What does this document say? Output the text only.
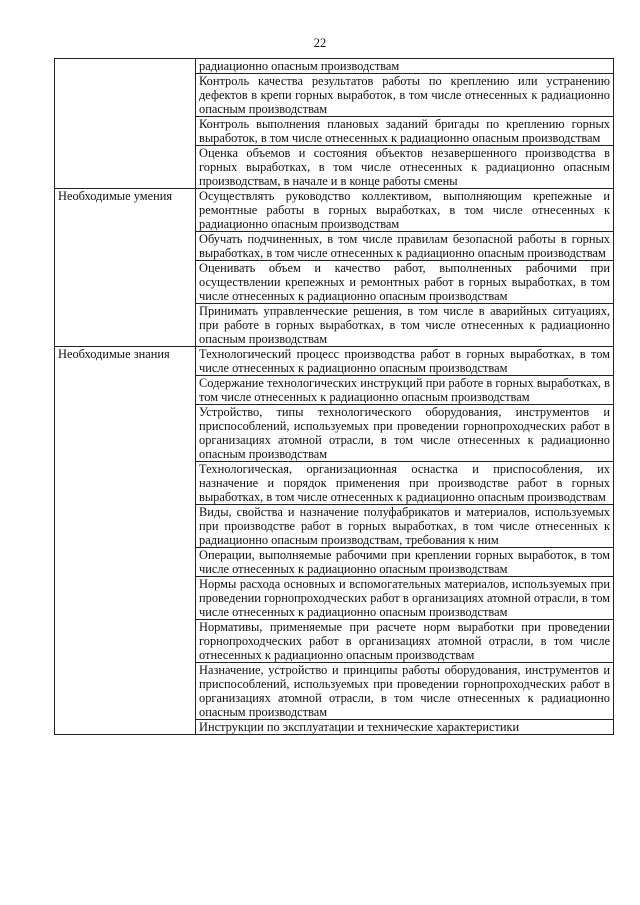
22
	радиационно опасным производствам
	Контроль качества результатов работы по креплению или устранению дефектов в крепи горных выработок, в том числе отнесенных к радиационно опасным производствам
	Контроль выполнения плановых заданий бригады по креплению горных выработок, в том числе отнесенных к радиационно опасным производствам
	Оценка объемов и состояния объектов незавершенного производства в горных выработках, в том числе отнесенных к радиационно опасным производствам, в начале и в конце работы смены
Необходимые умения	Осуществлять руководство коллективом, выполняющим крепежные и ремонтные работы в горных выработках, в том числе отнесенных к радиационно опасным производствам
	Обучать подчиненных, в том числе правилам безопасной работы в горных выработках, в том числе отнесенных к радиационно опасным производствам
	Оценивать объем и качество работ, выполненных рабочими при осуществлении крепежных и ремонтных работ в горных выработках, в том числе отнесенных к радиационно опасным производствам
	Принимать управленческие решения, в том числе в аварийных ситуациях, при работе в горных выработках, в том числе отнесенных к радиационно опасным производствам
Необходимые знания	Технологический процесс производства работ в горных выработках, в том числе отнесенных к радиационно опасным производствам
	Содержание технологических инструкций при работе в горных выработках, в том числе отнесенных к радиационно опасным производствам
	Устройство, типы технологического оборудования, инструментов и приспособлений, используемых при проведении горнопроходческих работ в организациях атомной отрасли, в том числе отнесенных к радиационно опасным производствам
	Технологическая, организационная оснастка и приспособления, их назначение и порядок применения при производстве работ в горных выработках, в том числе отнесенных к радиационно опасным производствам
	Виды, свойства и назначение полуфабрикатов и материалов, используемых при производстве работ в горных выработках, в том числе отнесенных к радиационно опасным производствам, требования к ним
	Операции, выполняемые рабочими при креплении горных выработок, в том числе отнесенных к радиационно опасным производствам
	Нормы расхода основных и вспомогательных материалов, используемых при проведении горнопроходческих работ в организациях атомной отрасли, в том числе отнесенных к радиационно опасным производствам
	Нормативы, применяемые при расчете норм выработки при проведении горнопроходческих работ в организациях атомной отрасли, в том числе отнесенных к радиационно опасным производствам
	Назначение, устройство и принципы работы оборудования, инструментов и приспособлений, используемых при проведении горнопроходческих работ в организациях атомной отрасли, в том числе отнесенных к радиационно опасным производствам
	Инструкции по эксплуатации и технические характеристики
